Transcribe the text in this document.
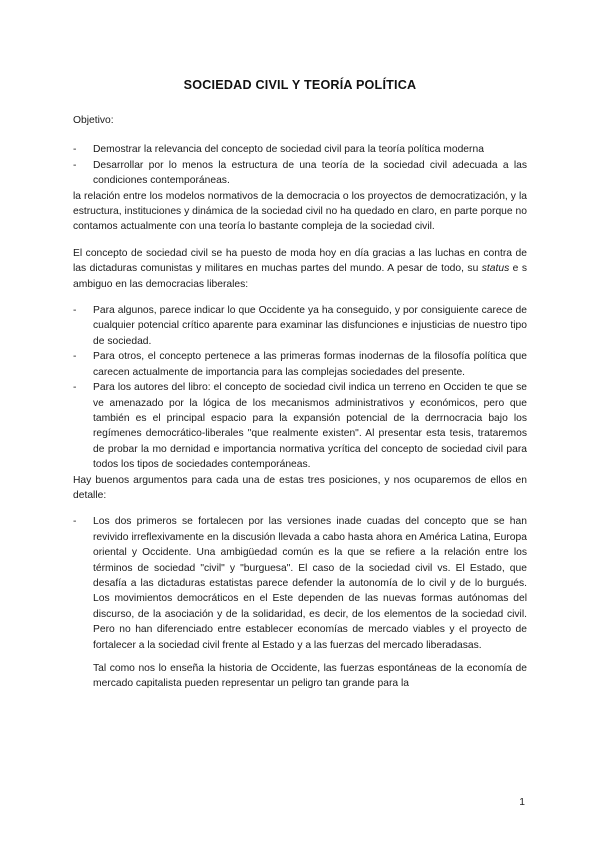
SOCIEDAD CIVIL Y TEORÍA POLÍTICA

Objetivo:

-	Demostrar la relevancia del concepto de sociedad civil para la teoría política moderna
-	Desarrollar por lo menos la estructura de una teoría de la sociedad civil adecuada a las condiciones contemporáneas.

la relación entre los modelos normativos de la democracia o los proyectos de democratización, y la estructura, instituciones y dinámica de la sociedad civil no ha quedado en claro, en parte porque no contamos actualmente con una teoría lo bastante compleja de la sociedad civil.

El concepto de sociedad civil se ha puesto de moda hoy en día gracias a las luchas en contra de las dictaduras comunistas y militares en muchas partes del mundo. A pesar de todo, su status e s ambiguo en las democracias liberales:

-	Para algunos, parece indicar lo que Occidente ya ha conseguido, y por consiguiente carece de cualquier potencial crítico aparente para examinar las disfunciones e injusticias de nuestro tipo de sociedad.
-	Para otros, el concepto pertenece a las primeras formas inodernas de la filosofía política que carecen actualmente de importancia para las complejas sociedades del presente.
-	Para los autores del libro: el concepto de sociedad civil indica un terreno en Occiden te que se ve amenazado por la lógica de los mecanismos administrativos y económicos, pero que también es el principal espacio para la expansión potencial de la derrnocracia bajo los regímenes democrático-liberales "que realmente existen". Al presentar esta tesis, trataremos de probar la mo dernidad e importancia normativa ycrítica del concepto de sociedad civil para todos los tipos de sociedades contemporáneas.

Hay buenos argumentos para cada una de estas tres posiciones, y nos ocuparemos de ellos en detalle:

-	Los dos primeros se fortalecen por las versiones inade cuadas del concepto que se han revivido irreflexivamente en la discusión llevada a cabo hasta ahora en América Latina, Europa oriental y Occidente. Una ambigüedad común es la que se refiere a la relación entre los términos de sociedad "civil" y "burguesa". El caso de la sociedad civil vs. El Estado, que desafía a las dictaduras estatistas parece defender la autonomía de lo civil y de lo burgués. Los movimientos democráticos en el Este dependen de las nuevas formas autónomas del discurso, de la asociación y de la solidaridad, es decir, de los elementos de la sociedad civil. Pero no han diferenciado entre establecer economías de mercado viables y el proyecto de fortalecer a la sociedad civil frente al Estado y a las fuerzas del mercado liberadasas.

Tal como nos lo enseña la historia de Occidente, las fuerzas espontáneas de la economía de mercado capitalista pueden representar un peligro tan grande para la

1
